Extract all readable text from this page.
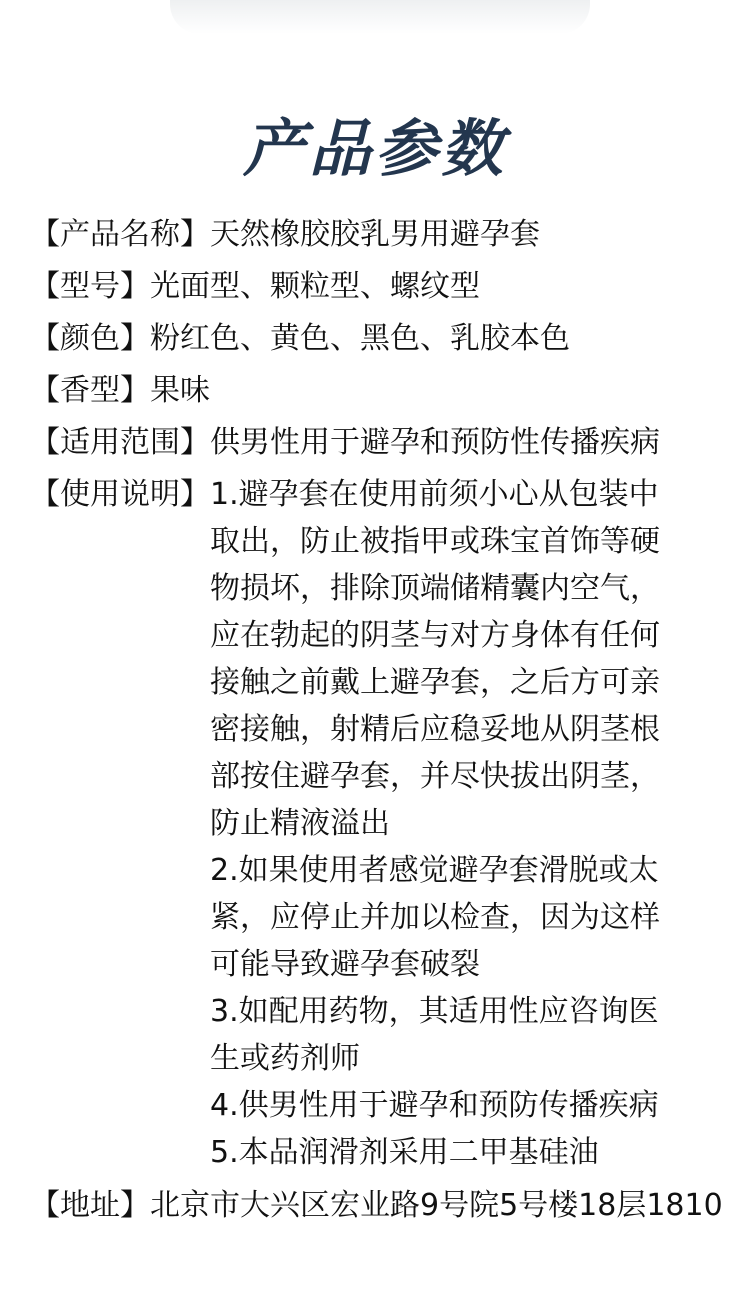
产品参数
【产品名称】 天然橡胶胶乳男用避孕套
【型号】 光面型、颗粒型、螺纹型
【颜色】 粉红色、黄色、黑色、乳胶本色
【香型】 果味
【适用范围】 供男性用于避孕和预防性传播疾病
【使用说明】 1.避孕套在使用前须小心从包装中
取出，防止被指甲或珠宝首饰等硬
物损坏，排除顶端储精囊内空气，
应在勃起的阴茎与对方身体有任何
接触之前戴上避孕套，之后方可亲
密接触，射精后应稳妥地从阴茎根
部按住避孕套，并尽快拔出阴茎，
防止精液溢出
2.如果使用者感觉避孕套滑脱或太
紧，应停止并加以检查，因为这样
可能导致避孕套破裂
3.如配用药物，其适用性应咨询医
生或药剂师
4.供男性用于避孕和预防传播疾病
5.本品润滑剂采用二甲基硅油
【地址】 北京市大兴区宏业路9号院5号楼18层1810
